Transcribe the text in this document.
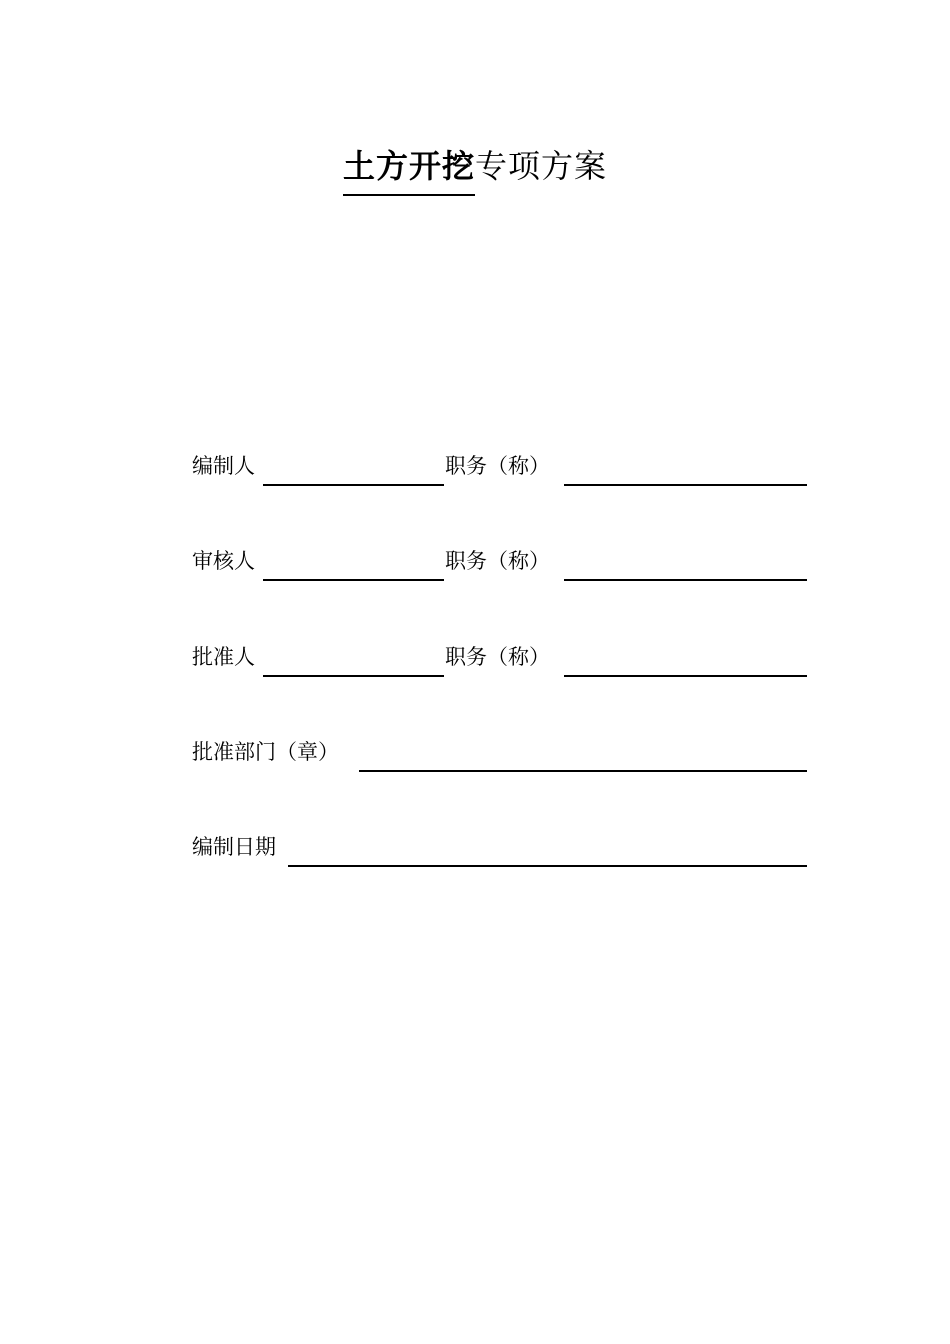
土方开挖专项方案
编制人	职务（称）
审核人	职务（称）
批准人	职务（称）
批准部门（章）
编制日期
